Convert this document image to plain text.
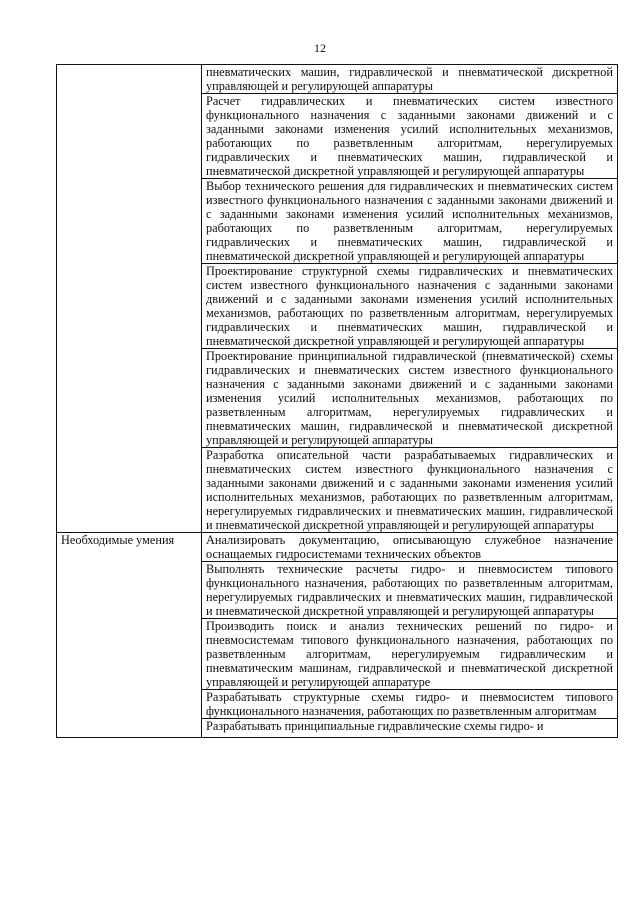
12
	пневматических машин, гидравлической и пневматической дискретной управляющей и регулирующей аппаратуры
	Расчет гидравлических и пневматических систем известного функционального назначения с заданными законами движений и с заданными законами изменения усилий исполнительных механизмов, работающих по разветвленным алгоритмам, нерегулируемых гидравлических и пневматических машин, гидравлической и пневматической дискретной управляющей и регулирующей аппаратуры
	Выбор технического решения для гидравлических и пневматических систем известного функционального назначения с заданными законами движений и с заданными законами изменения усилий исполнительных механизмов, работающих по разветвленным алгоритмам, нерегулируемых гидравлических и пневматических машин, гидравлической и пневматической дискретной управляющей и регулирующей аппаратуры
	Проектирование структурной схемы гидравлических и пневматических систем известного функционального назначения с заданными законами движений и с заданными законами изменения усилий исполнительных механизмов, работающих по разветвленным алгоритмам, нерегулируемых гидравлических и пневматических машин, гидравлической и пневматической дискретной управляющей и регулирующей аппаратуры
	Проектирование принципиальной гидравлической (пневматической) схемы гидравлических и пневматических систем известного функционального назначения с заданными законами движений и с заданными законами изменения усилий исполнительных механизмов, работающих по разветвленным алгоритмам, нерегулируемых гидравлических и пневматических машин, гидравлической и пневматической дискретной управляющей и регулирующей аппаратуры
	Разработка описательной части разрабатываемых гидравлических и пневматических систем известного функционального назначения с заданными законами движений и с заданными законами изменения усилий исполнительных механизмов, работающих по разветвленным алгоритмам, нерегулируемых гидравлических и пневматических машин, гидравлической и пневматической дискретной управляющей и регулирующей аппаратуры

Необходимые умения	Анализировать документацию, описывающую служебное назначение оснащаемых гидросистемами технических объектов
	Выполнять технические расчеты гидро- и пневмосистем типового функционального назначения, работающих по разветвленным алгоритмам, нерегулируемых гидравлических и пневматических машин, гидравлической и пневматической дискретной управляющей и регулирующей аппаратуры
	Производить поиск и анализ технических решений по гидро- и пневмосистемам типового функционального назначения, работающих по разветвленным алгоритмам, нерегулируемым гидравлическим и пневматическим машинам, гидравлической и пневматической дискретной управляющей и регулирующей аппаратуре
	Разрабатывать структурные схемы гидро- и пневмосистем типового функционального назначения, работающих по разветвленным алгоритмам

	Разрабатывать принципиальные гидравлические схемы гидро- и
